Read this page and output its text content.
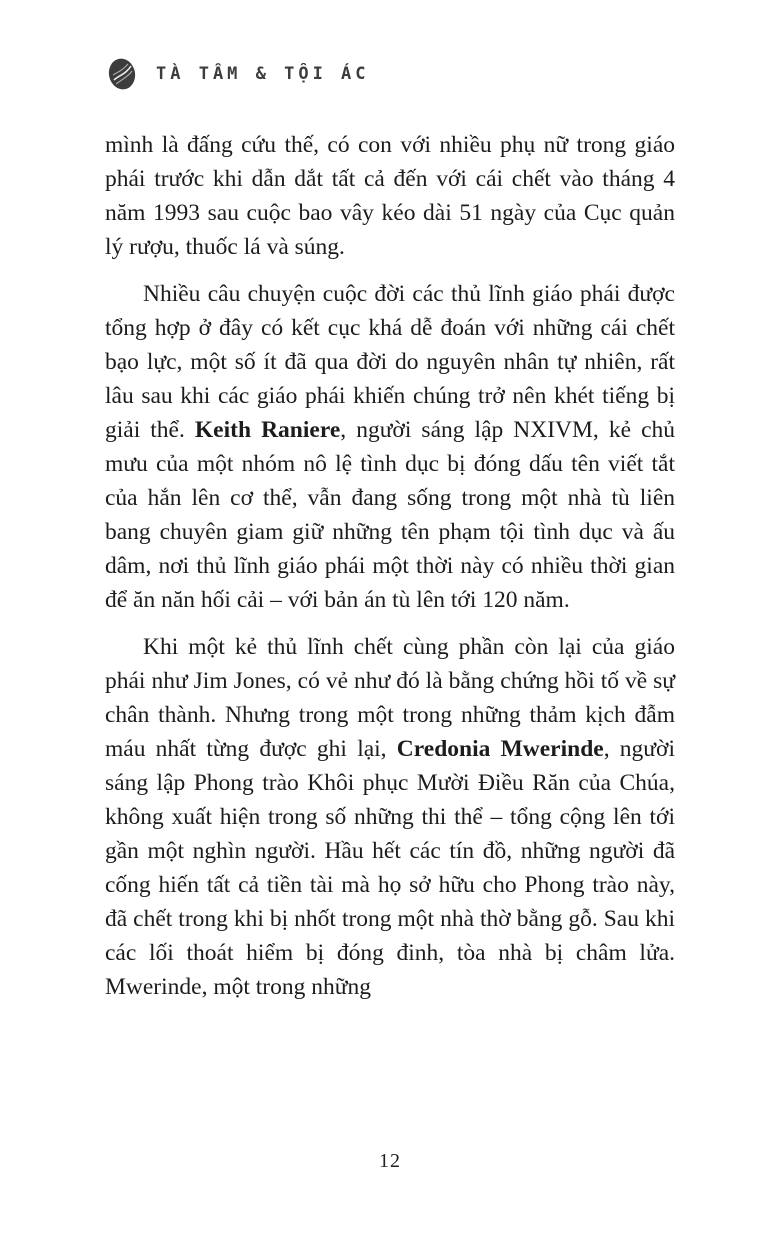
TÀ TÂM & TỘI ÁC

mình là đấng cứu thế, có con với nhiều phụ nữ trong giáo phái trước khi dẫn dắt tất cả đến với cái chết vào tháng 4 năm 1993 sau cuộc bao vây kéo dài 51 ngày của Cục quản lý rượu, thuốc lá và súng.

Nhiều câu chuyện cuộc đời các thủ lĩnh giáo phái được tổng hợp ở đây có kết cục khá dễ đoán với những cái chết bạo lực, một số ít đã qua đời do nguyên nhân tự nhiên, rất lâu sau khi các giáo phái khiến chúng trở nên khét tiếng bị giải thể. Keith Raniere, người sáng lập NXIVM, kẻ chủ mưu của một nhóm nô lệ tình dục bị đóng dấu tên viết tắt của hắn lên cơ thể, vẫn đang sống trong một nhà tù liên bang chuyên giam giữ những tên phạm tội tình dục và ấu dâm, nơi thủ lĩnh giáo phái một thời này có nhiều thời gian để ăn năn hối cải – với bản án tù lên tới 120 năm.

Khi một kẻ thủ lĩnh chết cùng phần còn lại của giáo phái như Jim Jones, có vẻ như đó là bằng chứng hồi tố về sự chân thành. Nhưng trong một trong những thảm kịch đẫm máu nhất từng được ghi lại, Credonia Mwerinde, người sáng lập Phong trào Khôi phục Mười Điều Răn của Chúa, không xuất hiện trong số những thi thể – tổng cộng lên tới gần một nghìn người. Hầu hết các tín đồ, những người đã cống hiến tất cả tiền tài mà họ sở hữu cho Phong trào này, đã chết trong khi bị nhốt trong một nhà thờ bằng gỗ. Sau khi các lối thoát hiểm bị đóng đinh, tòa nhà bị châm lửa. Mwerinde, một trong những

12
